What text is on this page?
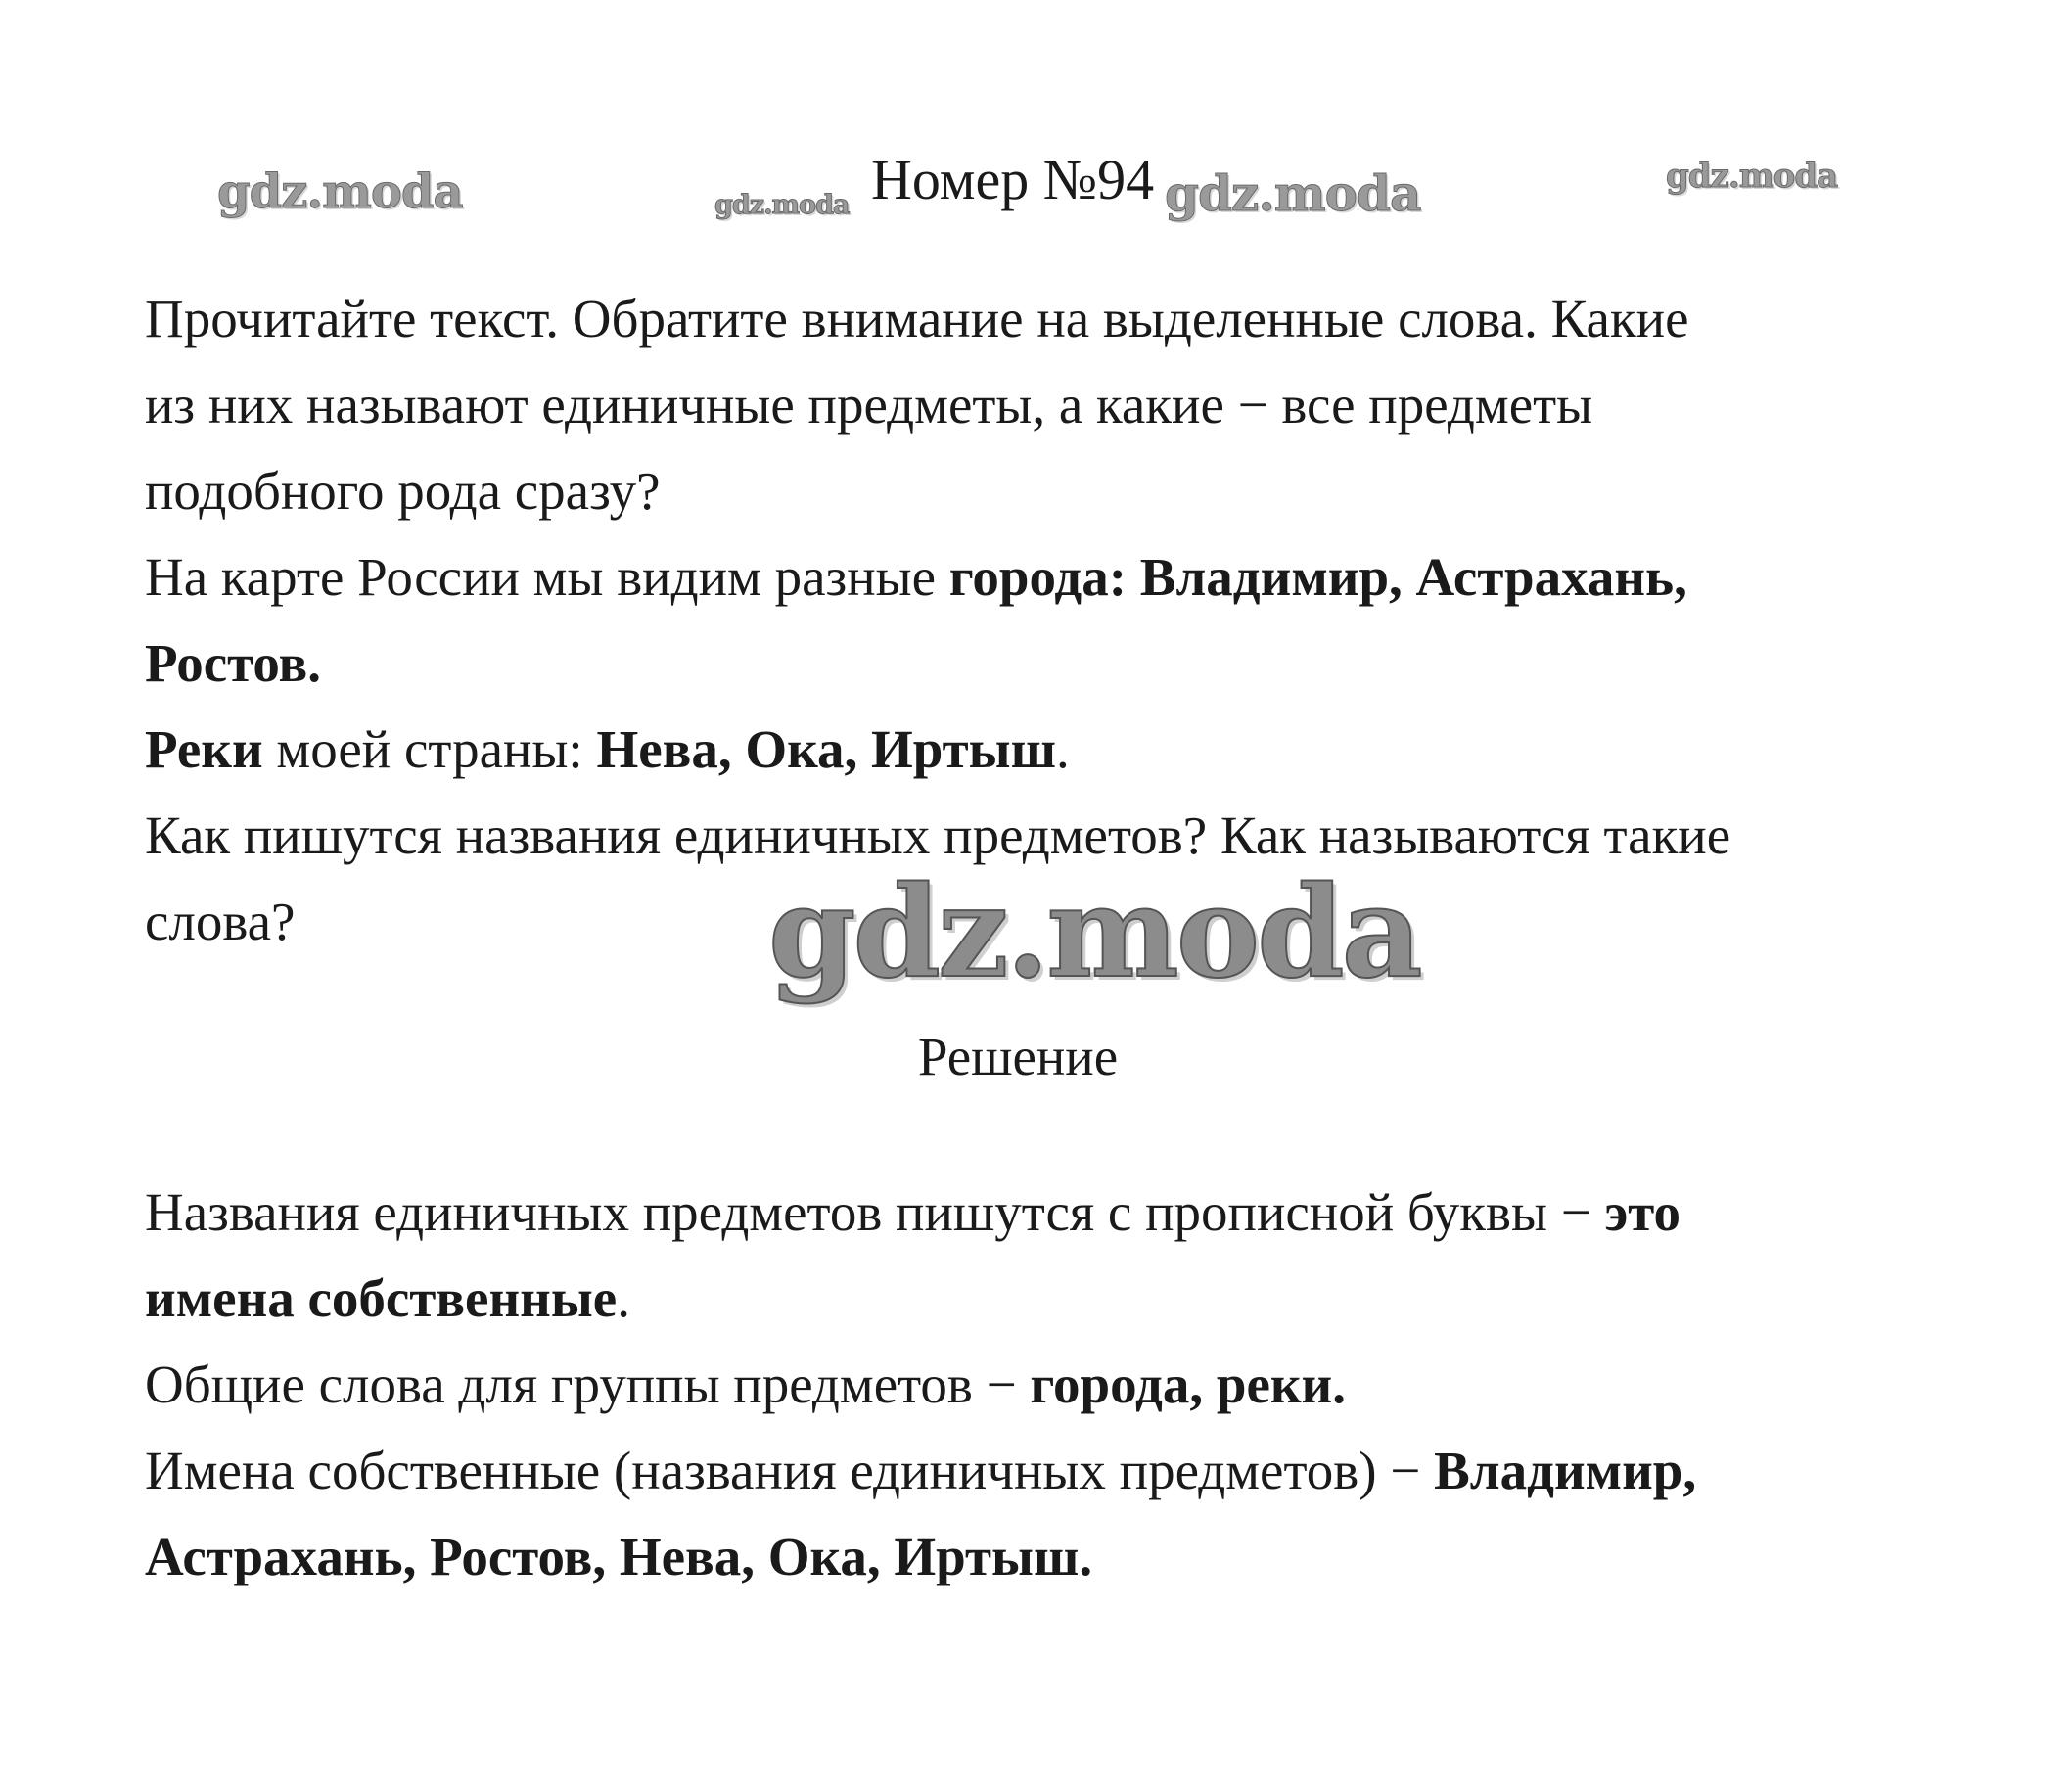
gdz.moda	gdz.moda	gdz.moda	gdz.moda
gdz.moda
Номер №94
Прочитайте текст. Обратите внимание на выделенные слова. Какие
из них называют единичные предметы, а какие − все предметы
подобного рода сразу?
На карте России мы видим разные города: Владимир, Астрахань,
Ростов.
Реки моей страны: Нева, Ока, Иртыш.
Как пишутся названия единичных предметов? Как называются такие
слова?
Решение
Названия единичных предметов пишутся с прописной буквы − это
имена собственные.
Общие слова для группы предметов − города, реки.
Имена собственные (названия единичных предметов) − Владимир,
Астрахань, Ростов, Нева, Ока, Иртыш.
